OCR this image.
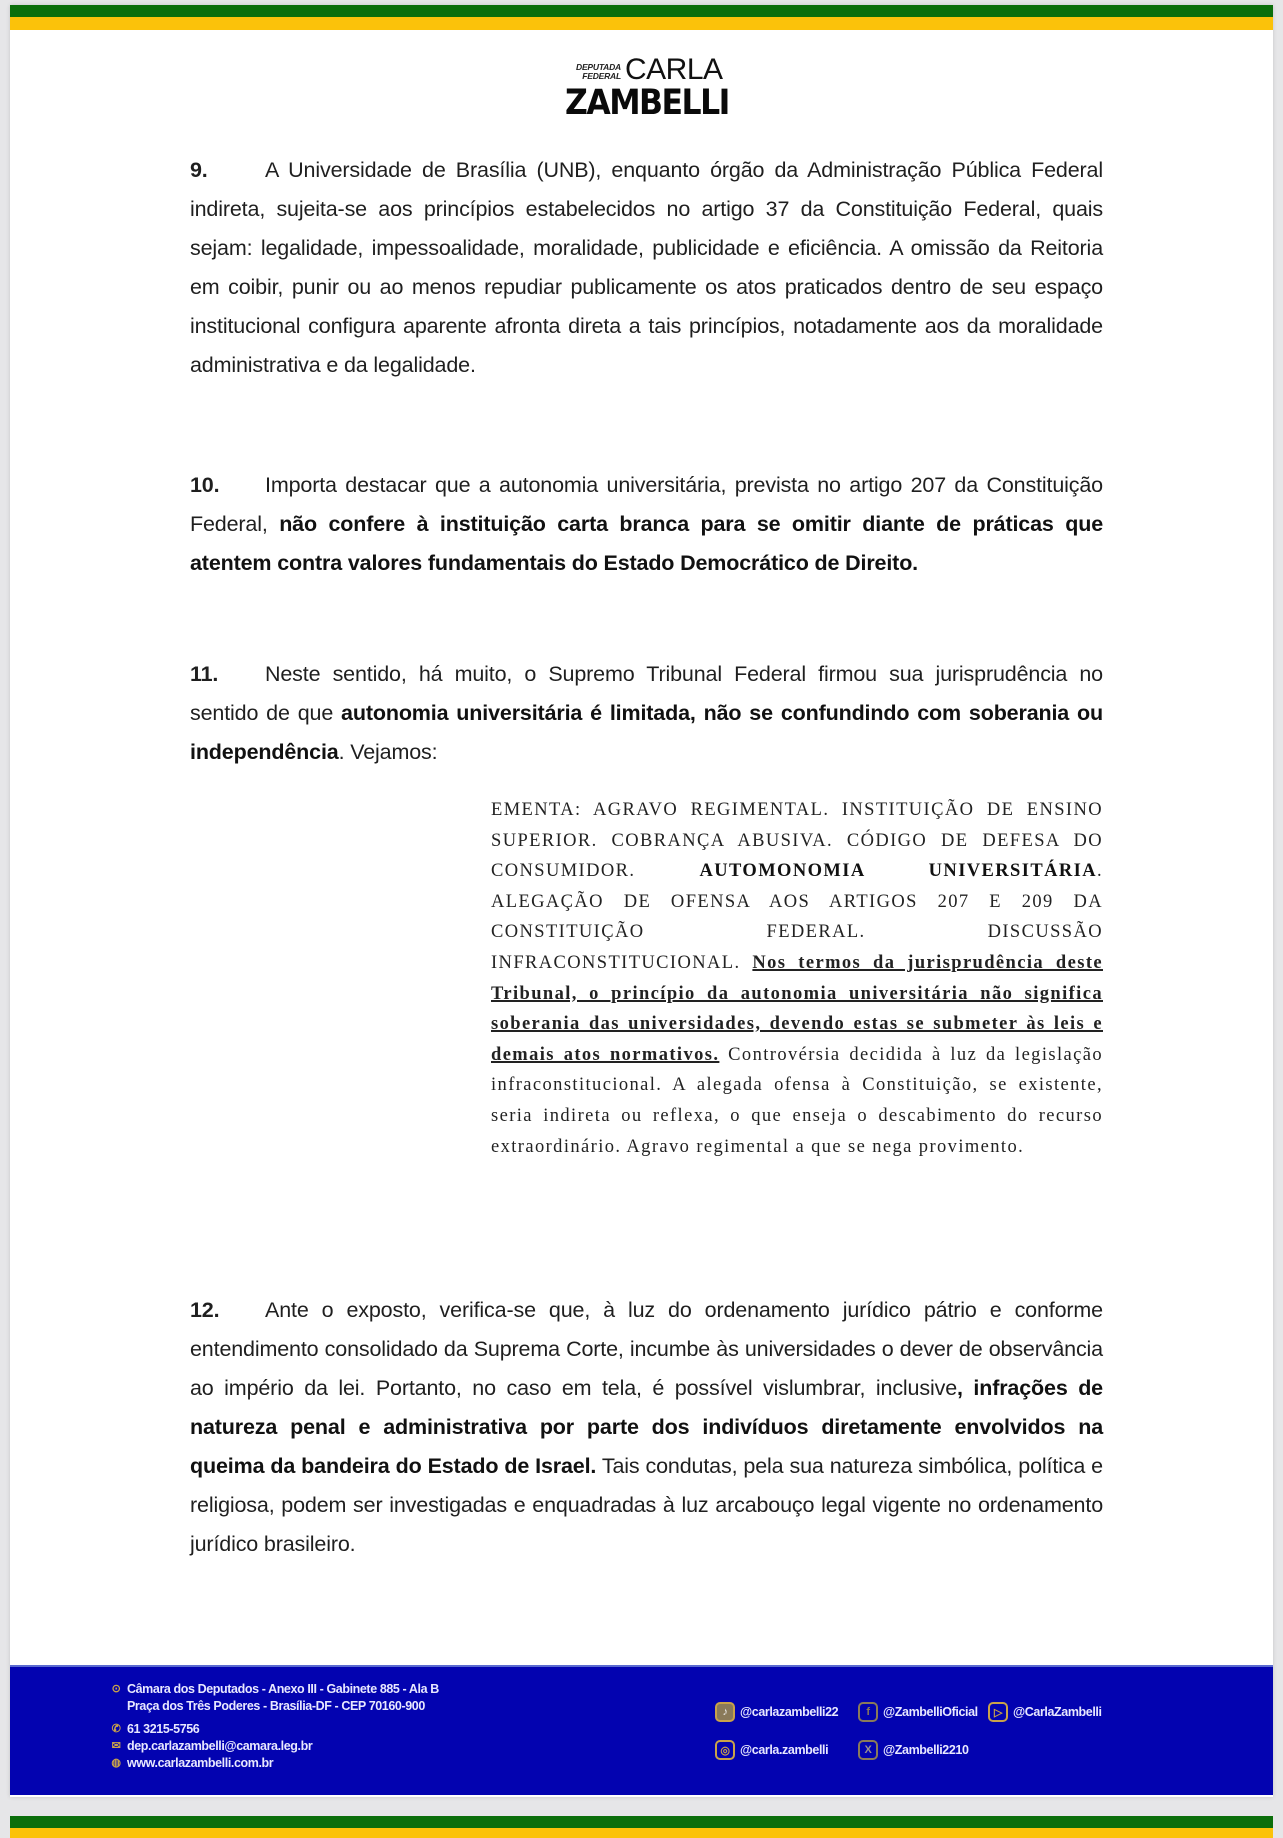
DEPUTADA
FEDERAL CARLA
ZAMBELLI
9.	A Universidade de Brasília (UNB), enquanto órgão da Administração Pública Federal indireta, sujeita-se aos princípios estabelecidos no artigo 37 da Constituição Federal, quais sejam: legalidade, impessoalidade, moralidade, publicidade e eficiência. A omissão da Reitoria em coibir, punir ou ao menos repudiar publicamente os atos praticados dentro de seu espaço institucional configura aparente afronta direta a tais princípios, notadamente aos da moralidade administrativa e da legalidade.
10. Importa destacar que a autonomia universitária, prevista no artigo 207 da Constituição Federal, não confere à instituição carta branca para se omitir diante de práticas que atentem contra valores fundamentais do Estado Democrático de Direito.
11. Neste sentido, há muito, o Supremo Tribunal Federal firmou sua jurisprudência no sentido de que autonomia universitária é limitada, não se confundindo com soberania ou independência. Vejamos:
EMENTA: AGRAVO REGIMENTAL. INSTITUIÇÃO DE ENSINO SUPERIOR. COBRANÇA ABUSIVA. CÓDIGO DE DEFESA DO CONSUMIDOR. AUTOMONOMIA UNIVERSITÁRIA. ALEGAÇÃO DE OFENSA AOS ARTIGOS 207 E 209 DA CONSTITUIÇÃO FEDERAL. DISCUSSÃO INFRACONSTITUCIONAL. Nos termos da jurisprudência deste Tribunal, o princípio da autonomia universitária não significa soberania das universidades, devendo estas se submeter às leis e demais atos normativos. Controvérsia decidida à luz da legislação infraconstitucional. A alegada ofensa à Constituição, se existente, seria indireta ou reflexa, o que enseja o descabimento do recurso extraordinário. Agravo regimental a que se nega provimento.
12. Ante o exposto, verifica-se que, à luz do ordenamento jurídico pátrio e conforme entendimento consolidado da Suprema Corte, incumbe às universidades o dever de observância ao império da lei. Portanto, no caso em tela, é possível vislumbrar, inclusive, infrações de natureza penal e administrativa por parte dos indivíduos diretamente envolvidos na queima da bandeira do Estado de Israel. Tais condutas, pela sua natureza simbólica, política e religiosa, podem ser investigadas e enquadradas à luz arcabouço legal vigente no ordenamento jurídico brasileiro.
⊙ Câmara dos Deputados - Anexo III - Gabinete 885 - Ala B
Praça dos Três Poderes - Brasília-DF - CEP 70160-900
✆ 61 3215-5756
✉ dep.carlazambelli@camara.leg.br
◍ www.carlazambelli.com.br
♪ @carlazambelli22	f	@ZambelliOficial	▷ @CarlaZambelli
◎ @carla.zambelli	X @Zambelli2210
